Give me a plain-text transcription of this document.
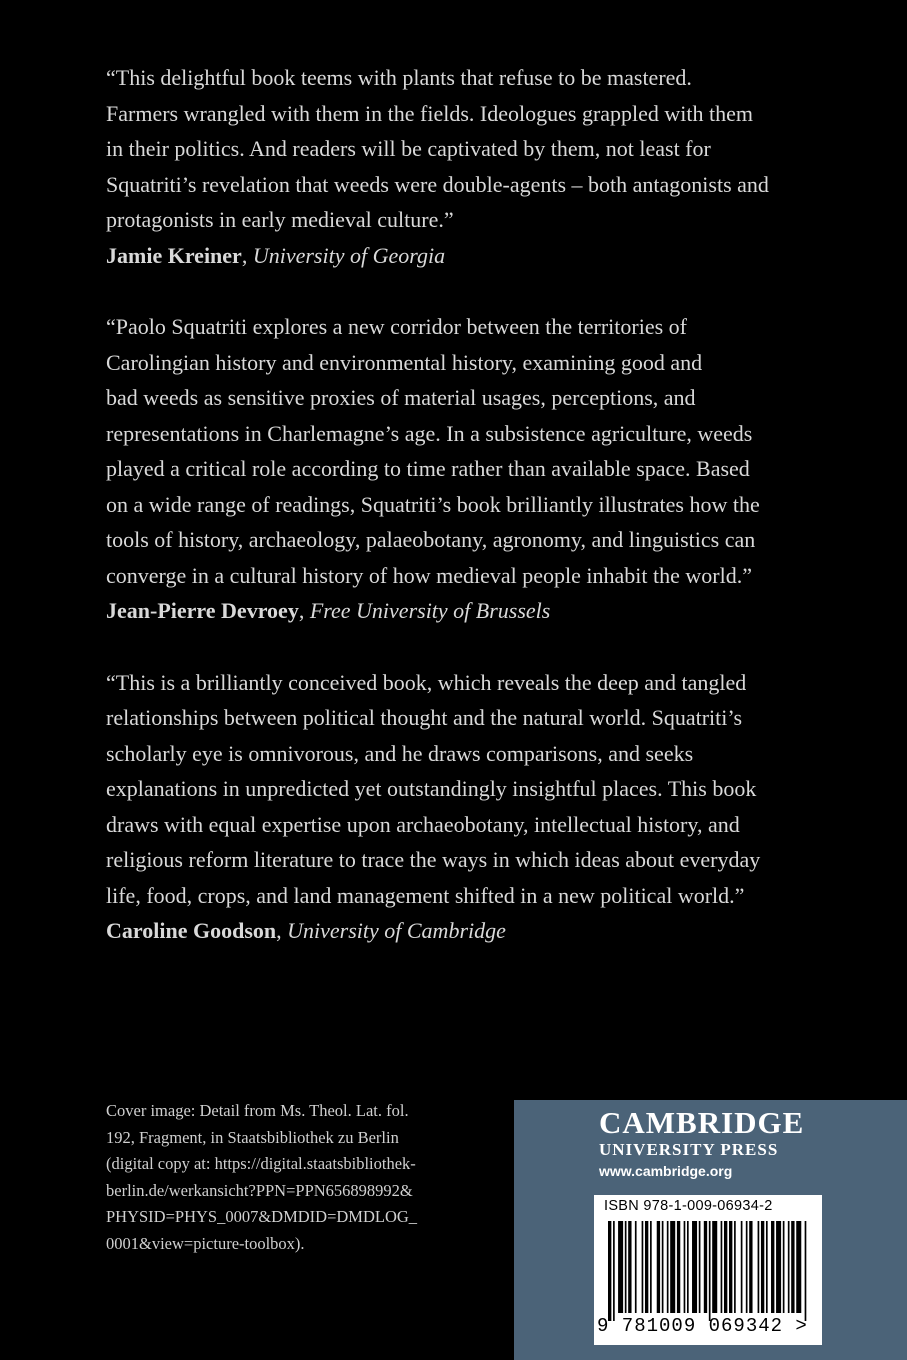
“This delightful book teems with plants that refuse to be mastered.
Farmers wrangled with them in the fields. Ideologues grappled with them
in their politics. And readers will be captivated by them, not least for
Squatriti’s revelation that weeds were double-agents – both antagonists and
protagonists in early medieval culture.”

Jamie Kreiner, University of Georgia

“Paolo Squatriti explores a new corridor between the territories of
Carolingian history and environmental history, examining good and
bad weeds as sensitive proxies of material usages, perceptions, and
representations in Charlemagne’s age. In a subsistence agriculture, weeds
played a critical role according to time rather than available space. Based
on a wide range of readings, Squatriti’s book brilliantly illustrates how the
tools of history, archaeology, palaeobotany, agronomy, and linguistics can
converge in a cultural history of how medieval people inhabit the world.”

Jean-Pierre Devroey, Free University of Brussels

“This is a brilliantly conceived book, which reveals the deep and tangled
relationships between political thought and the natural world. Squatriti’s
scholarly eye is omnivorous, and he draws comparisons, and seeks
explanations in unpredicted yet outstandingly insightful places. This book
draws with equal expertise upon archaeobotany, intellectual history, and
religious reform literature to trace the ways in which ideas about everyday
life, food, crops, and land management shifted in a new political world.”

Caroline Goodson, University of Cambridge

Cover image: Detail from Ms. Theol. Lat. fol.
192, Fragment, in Staatsbibliothek zu Berlin
(digital copy at: https://digital.staatsbibliothek-
berlin.de/werkansicht?PPN=PPN656898992&
PHYSID=PHYS_0007&DMDID=DMDLOG_
0001&view=picture-toolbox).

CAMBRIDGE

UNIVERSITY PRESS

www.cambridge.org

ISBN 978-1-009-06934-2
9 781009 069342 >
